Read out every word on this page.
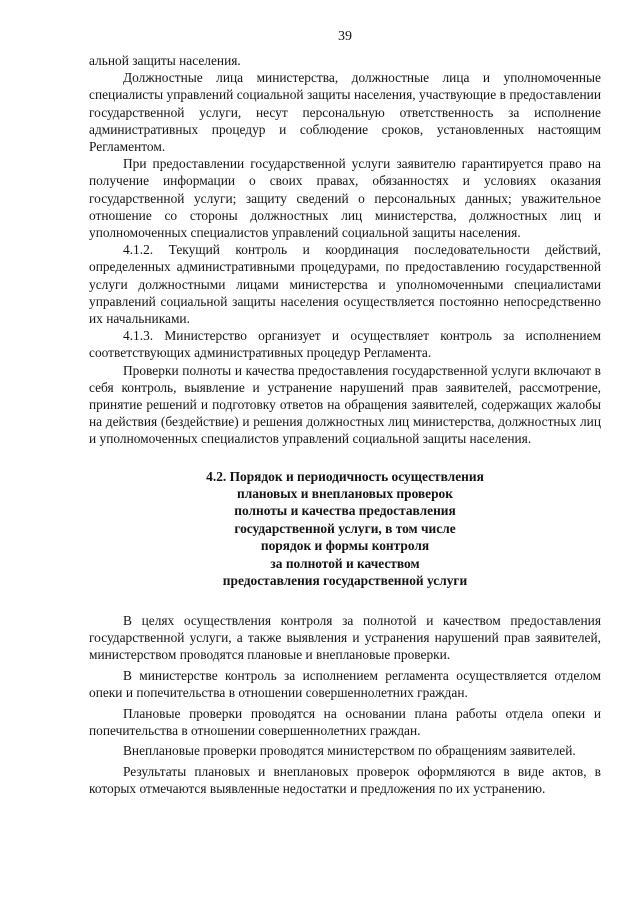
39

альной защиты населения.

Должностные лица министерства, должностные лица и уполномоченные специалисты управлений социальной защиты населения, участвующие в предоставлении государственной услуги, несут персональную ответственность за исполнение административных процедур и соблюдение сроков, установленных настоящим Регламентом.

При предоставлении государственной услуги заявителю гарантируется право на получение информации о своих правах, обязанностях и условиях оказания государственной услуги; защиту сведений о персональных данных; уважительное отношение со стороны должностных лиц министерства, должностных лиц и уполномоченных специалистов управлений социальной защиты населения.

4.1.2. Текущий контроль и координация последовательности действий, определенных административными процедурами, по предоставлению государственной услуги должностными лицами министерства и уполномоченными специалистами управлений социальной защиты населения осуществляется постоянно непосредственно их начальниками.

4.1.3. Министерство организует и осуществляет контроль за исполнением соответствующих административных процедур Регламента.

Проверки полноты и качества предоставления государственной услуги включают в себя контроль, выявление и устранение нарушений прав заявителей, рассмотрение, принятие решений и подготовку ответов на обращения заявителей, содержащих жалобы на действия (бездействие) и решения должностных лиц министерства, должностных лиц и уполномоченных специалистов управлений социальной защиты населения.

4.2. Порядок и периодичность осуществления
плановых и внеплановых проверок
полноты и качества предоставления
государственной услуги, в том числе
порядок и формы контроля
за полнотой и качеством
предоставления государственной услуги

В целях осуществления контроля за полнотой и качеством предоставления государственной услуги, а также выявления и устранения нарушений прав заявителей, министерством проводятся плановые и внеплановые проверки.

В министерстве контроль за исполнением регламента осуществляется отделом опеки и попечительства в отношении совершеннолетних граждан.

Плановые проверки проводятся на основании плана работы отдела опеки и попечительства в отношении совершеннолетних граждан.

Внеплановые проверки проводятся министерством по обращениям заявителей.

Результаты плановых и внеплановых проверок оформляются в виде актов, в которых отмечаются выявленные недостатки и предложения по их устранению.
